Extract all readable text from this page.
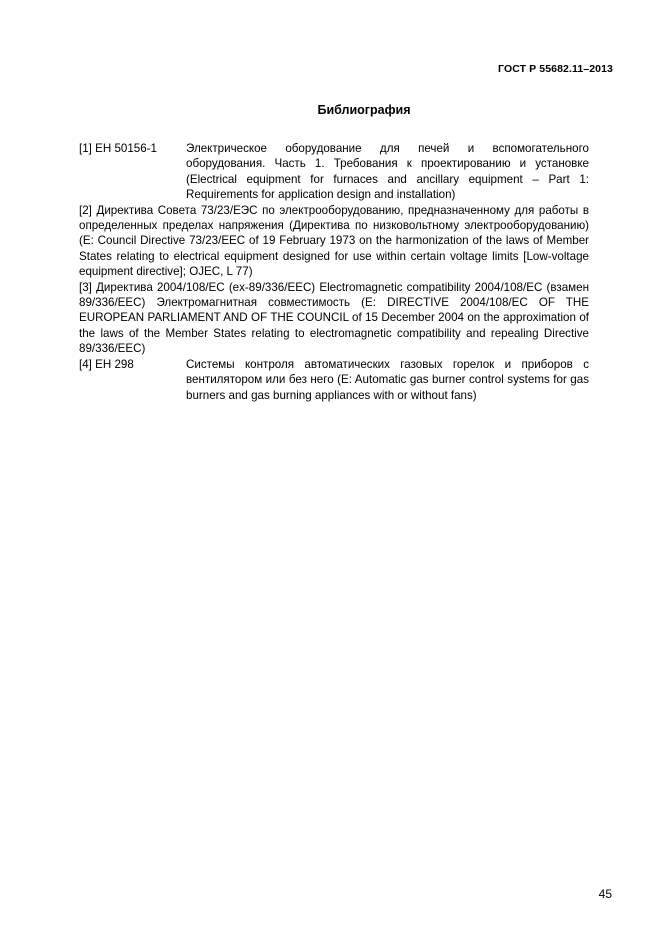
ГОСТ Р 55682.11–2013
Библиография
[1] ЕН 50156-1	Электрическое оборудование для печей и вспомогательного оборудования. Часть 1. Требования к проектированию и установке (Electrical equipment for furnaces and ancillary equipment – Part 1: Requirements for application design and installation)
[2] Директива Совета 73/23/ЕЭС по электрооборудованию, предназначенному для работы в определенных пределах напряжения (Директива по низковольтному электрооборудованию) (E: Council Directive 73/23/EEC of 19 February 1973 on the harmonization of the laws of Member States relating to electrical equipment designed for use within certain voltage limits [Low-voltage equipment directive]; OJEC, L 77)
[3] Директива 2004/108/ЕС (ex-89/336/EEC) Electromagnetic compatibility 2004/108/ЕС (взамен 89/336/ЕЕС) Электромагнитная совместимость (E: DIRECTIVE 2004/108/EC OF THE EUROPEAN PARLIAMENT AND OF THE COUNCIL of 15 December 2004 on the approximation of the laws of the Member States relating to electromagnetic compatibility and repealing Directive 89/336/EEC)
[4] ЕН 298	Системы контроля автоматических газовых горелок и приборов с вентилятором или без него (E: Automatic gas burner control systems for gas burners and gas burning appliances with or without fans)
45
